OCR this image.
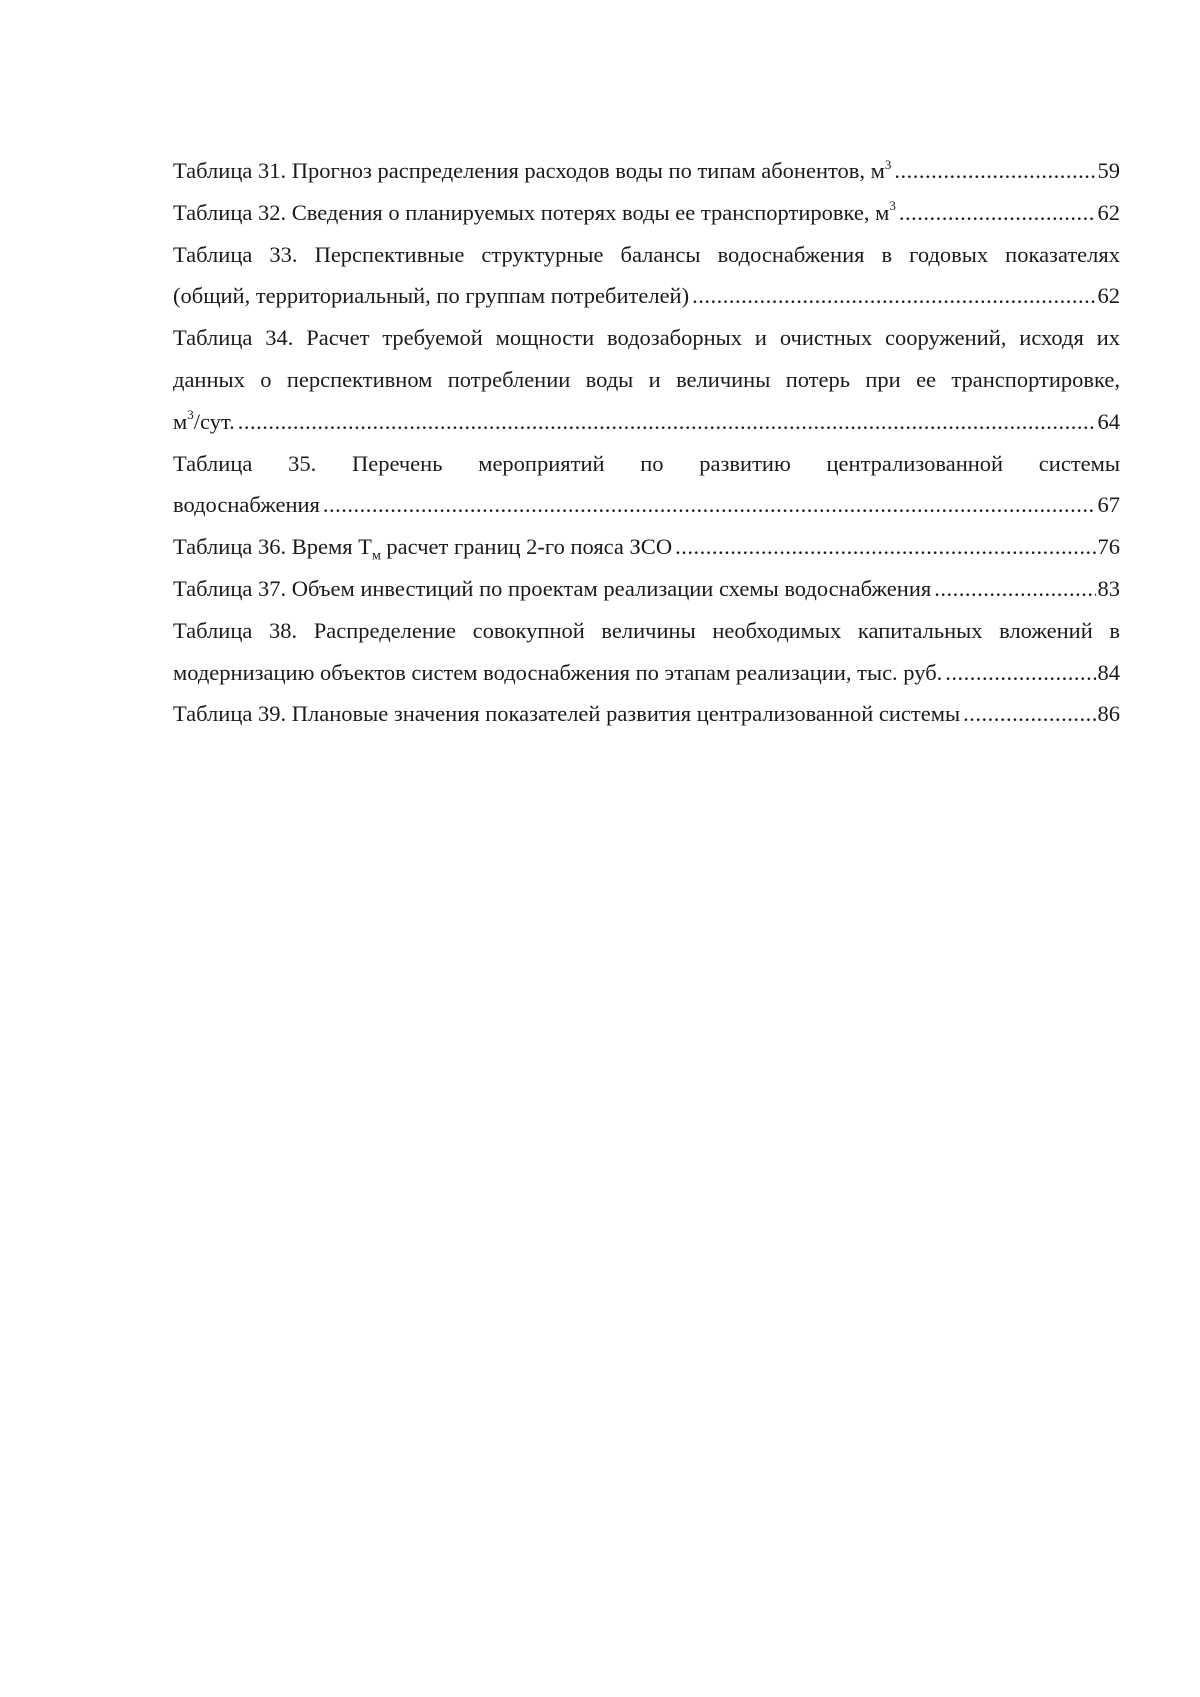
Таблица 31. Прогноз распределения расходов воды по типам абонентов, $м^3$ .....	59
Таблица 32. Сведения о планируемых потерях воды ее транспортировке, $м^3$ .....	62
Таблица 33. Перспективные структурные балансы водоснабжения в годовых показателях
(общий, территориальный, по группам потребителей) .....	62
Таблица 34. Расчет требуемой мощности водозаборных и очистных сооружений, исходя их
данных о перспективном потреблении воды и величины потерь при ее транспортировке,
$м^3$/сут. .....	64
Таблица 35. Перечень мероприятий по развитию централизованной системы
водоснабжения .....	67
Таблица 36. Время $Т_м$ расчет границ 2-го пояса ЗСО .....	76
Таблица 37. Объем инвестиций по проектам реализации схемы водоснабжения .....	83
Таблица 38. Распределение совокупной величины необходимых капитальных вложений в
модернизацию объектов систем водоснабжения по этапам реализации, тыс. руб. .....	84
Таблица 39. Плановые значения показателей развития централизованной системы .....	86
